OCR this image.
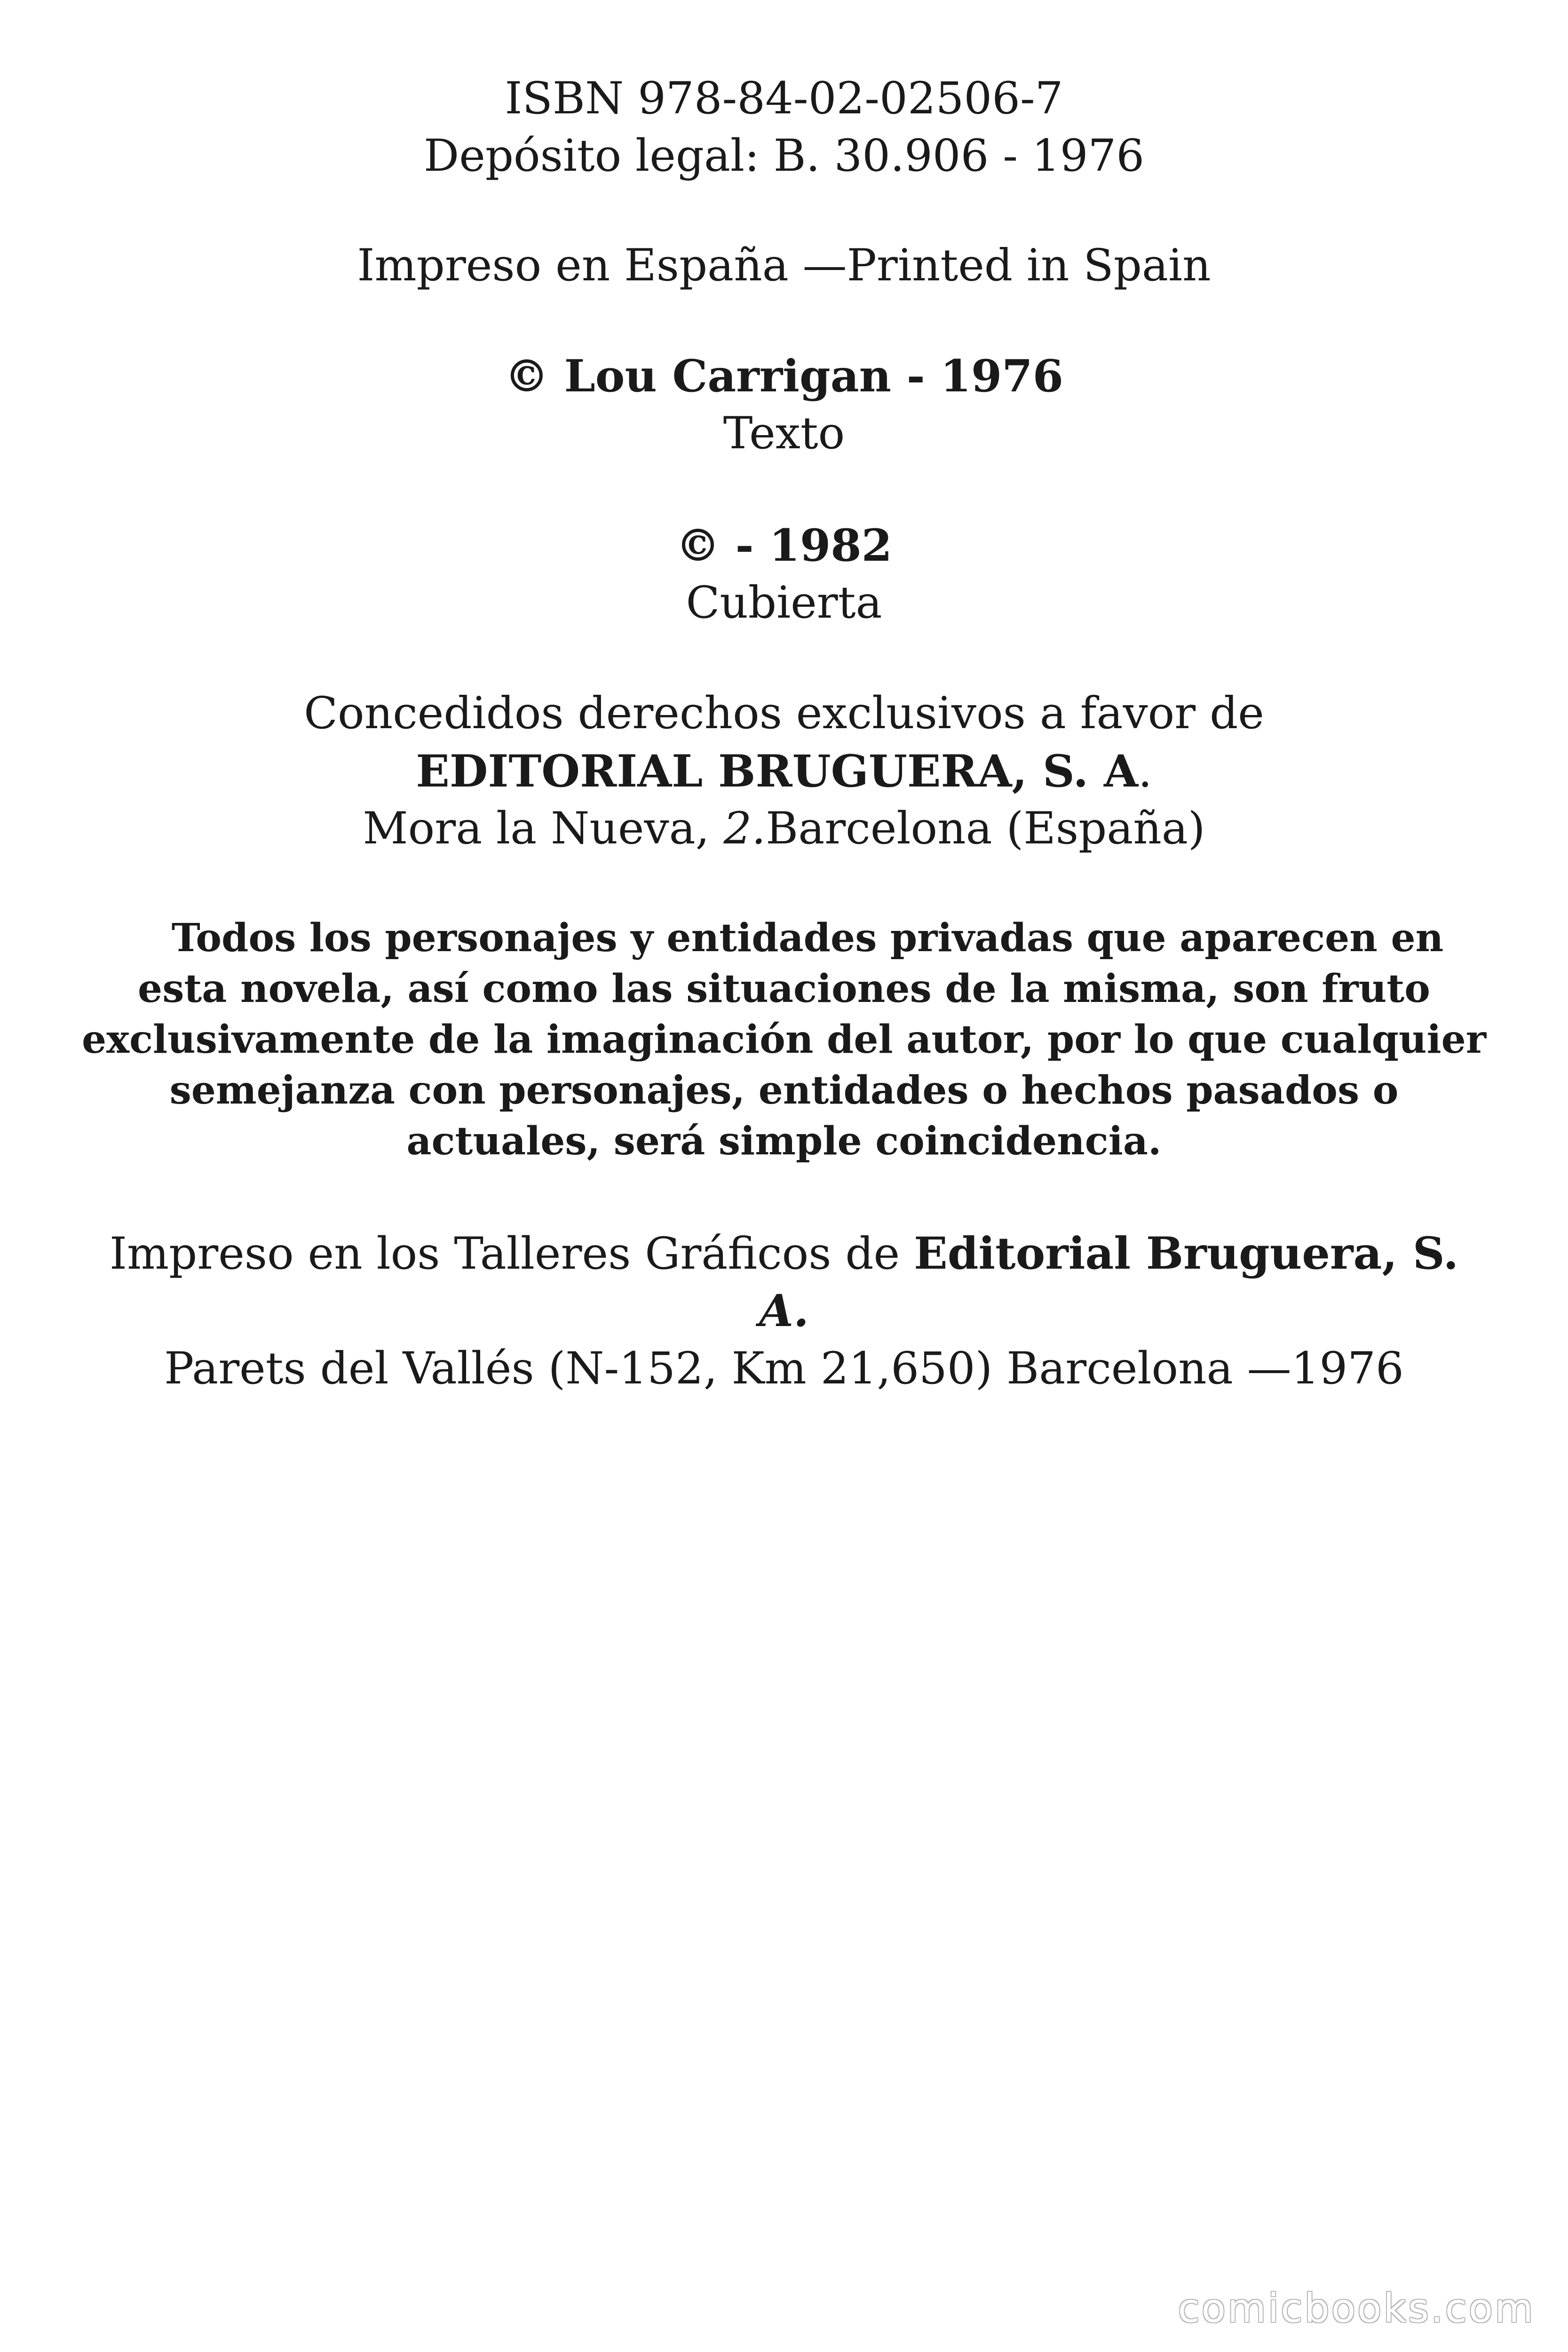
ISBN 978-84-02-02506-7
Depósito legal: B. 30.906 - 1976
Impreso en España —Printed in Spain
© Lou Carrigan - 1976
Texto
© - 1982
Cubierta
Concedidos derechos exclusivos a favor de
EDITORIAL BRUGUERA, S. A.
Mora la Nueva, 2.Barcelona (España)
Todos los personajes y entidades privadas que aparecen en
esta novela, así como las situaciones de la misma, son fruto
exclusivamente de la imaginación del autor, por lo que cualquier
semejanza con personajes, entidades o hechos pasados o
actuales, será simple coincidencia.
Impreso en los Talleres Gráficos de Editorial Bruguera, S.
A.
Parets del Vallés (N-152, Km 21,650) Barcelona —1976
comicbooks.com
